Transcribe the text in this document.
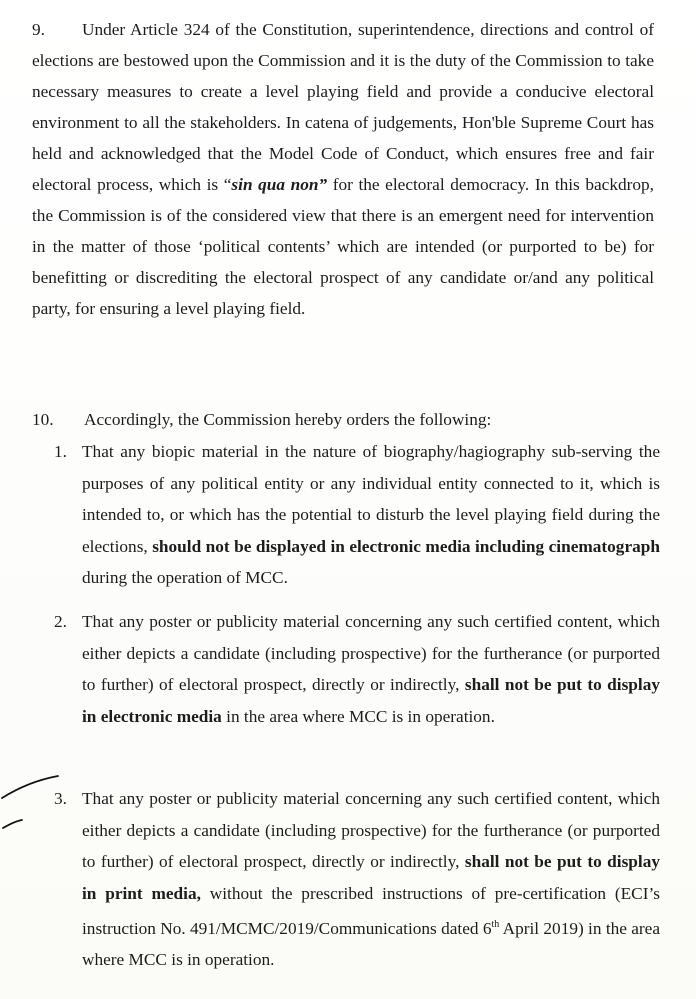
9. Under Article 324 of the Constitution, superintendence, directions and control of elections are bestowed upon the Commission and it is the duty of the Commission to take necessary measures to create a level playing field and provide a conducive electoral environment to all the stakeholders. In catena of judgements, Hon'ble Supreme Court has held and acknowledged that the Model Code of Conduct, which ensures free and fair electoral process, which is “sin qua non” for the electoral democracy. In this backdrop, the Commission is of the considered view that there is an emergent need for intervention in the matter of those ‘political contents’ which are intended (or purported to be) for benefitting or discrediting the electoral prospect of any candidate or/and any political party, for ensuring a level playing field.
10. Accordingly, the Commission hereby orders the following:
1. That any biopic material in the nature of biography/hagiography sub-serving the purposes of any political entity or any individual entity connected to it, which is intended to, or which has the potential to disturb the level playing field during the elections, should not be displayed in electronic media including cinematograph during the operation of MCC.
2. That any poster or publicity material concerning any such certified content, which either depicts a candidate (including prospective) for the furtherance (or purported to further) of electoral prospect, directly or indirectly, shall not be put to display in electronic media in the area where MCC is in operation.
3. That any poster or publicity material concerning any such certified content, which either depicts a candidate (including prospective) for the furtherance (or purported to further) of electoral prospect, directly or indirectly, shall not be put to display in print media, without the prescribed instructions of pre-certification (ECI’s instruction No. 491/MCMC/2019/Communications dated 6th April 2019) in the area where MCC is in operation.
